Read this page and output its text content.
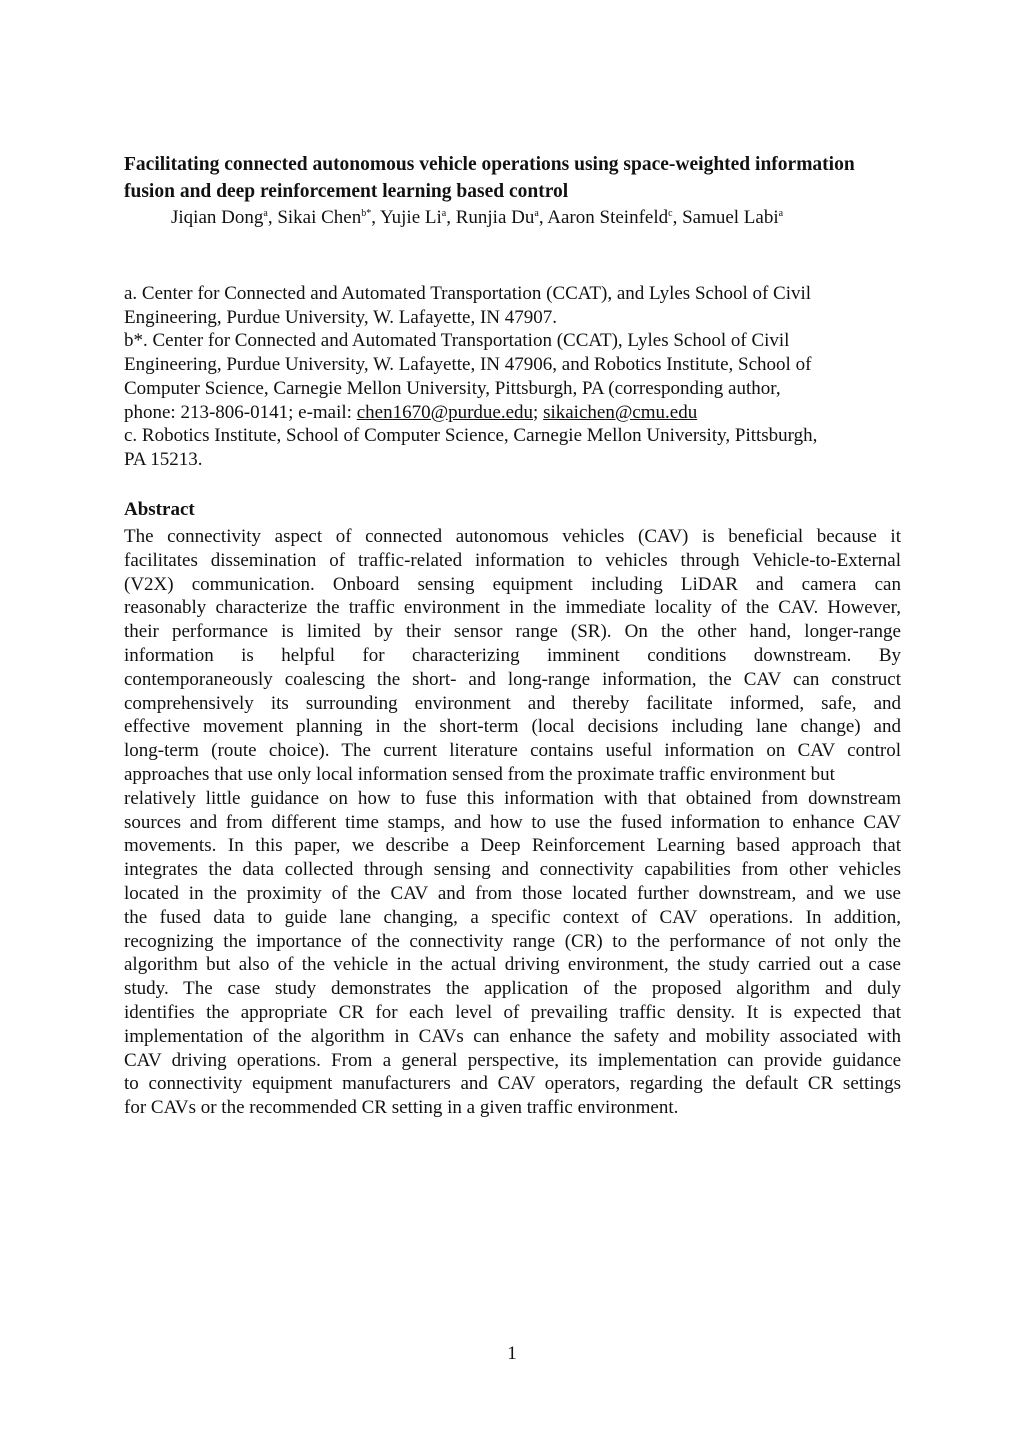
Facilitating connected autonomous vehicle operations using space-weighted information
fusion and deep reinforcement learning based control
Jiqian Dong$^a$, Sikai Chen$^{b*}$, Yujie Li$^a$, Runjia Du$^a$, Aaron Steinfeld$^c$, Samuel Labi$^a$
a. Center for Connected and Automated Transportation (CCAT), and Lyles School of Civil
Engineering, Purdue University, W. Lafayette, IN 47907.
b*. Center for Connected and Automated Transportation (CCAT), Lyles School of Civil
Engineering, Purdue University, W. Lafayette, IN 47906, and Robotics Institute, School of
Computer Science, Carnegie Mellon University, Pittsburgh, PA (corresponding author,
phone: 213-806-0141; e-mail: chen1670@purdue.edu; sikaichen@cmu.edu
c. Robotics Institute, School of Computer Science, Carnegie Mellon University, Pittsburgh,
PA 15213.
Abstract
The connectivity aspect of connected autonomous vehicles (CAV) is beneficial because it
facilitates dissemination of traffic-related information to vehicles through Vehicle-to-External
(V2X) communication. Onboard sensing equipment including LiDAR and camera can
reasonably characterize the traffic environment in the immediate locality of the CAV. However,
their performance is limited by their sensor range (SR). On the other hand, longer-range
information is helpful for characterizing imminent conditions downstream. By
contemporaneously coalescing the short- and long-range information, the CAV can construct
comprehensively its surrounding environment and thereby facilitate informed, safe, and
effective movement planning in the short-term (local decisions including lane change) and
long-term (route choice). The current literature contains useful information on CAV control
approaches that use only local information sensed from the proximate traffic environment but
relatively little guidance on how to fuse this information with that obtained from downstream
sources and from different time stamps, and how to use the fused information to enhance CAV
movements. In this paper, we describe a Deep Reinforcement Learning based approach that
integrates the data collected through sensing and connectivity capabilities from other vehicles
located in the proximity of the CAV and from those located further downstream, and we use
the fused data to guide lane changing, a specific context of CAV operations. In addition,
recognizing the importance of the connectivity range (CR) to the performance of not only the
algorithm but also of the vehicle in the actual driving environment, the study carried out a case
study. The case study demonstrates the application of the proposed algorithm and duly
identifies the appropriate CR for each level of prevailing traffic density. It is expected that
implementation of the algorithm in CAVs can enhance the safety and mobility associated with
CAV driving operations. From a general perspective, its implementation can provide guidance
to connectivity equipment manufacturers and CAV operators, regarding the default CR settings
for CAVs or the recommended CR setting in a given traffic environment.
1
